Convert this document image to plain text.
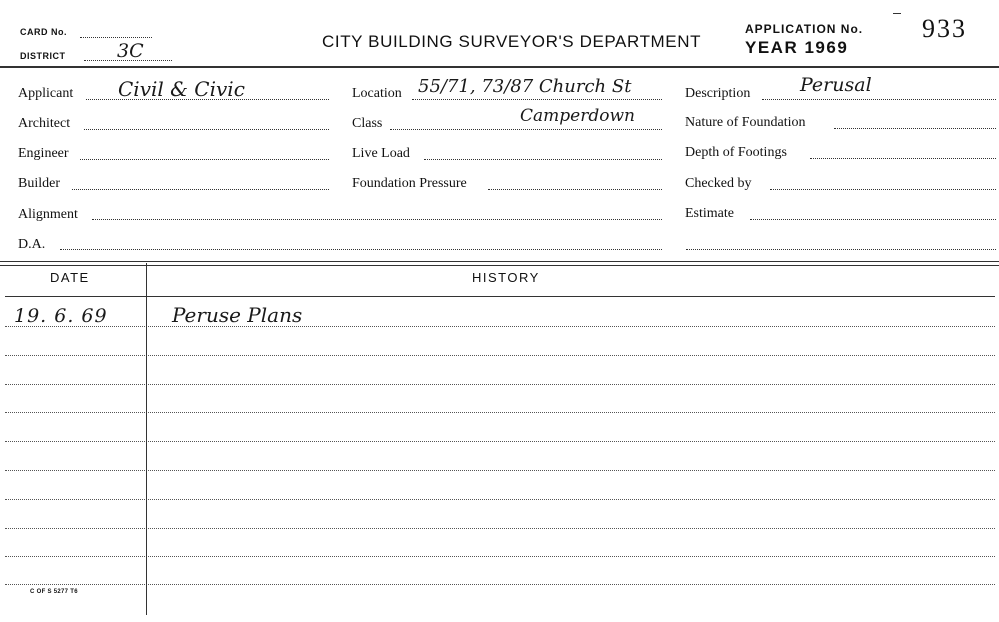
CARD No.
DISTRICT	3C	CITY BUILDING SURVEYOR'S DEPARTMENT
APPLICATION No. 933
YEAR 1969
Applicant Civil & Civic
Architect
Engineer
Builder
Alignment
D.A.
Location 55/71, 73/87 Church St
Class	Camperdown
Live Load
Foundation Pressure
Description	Perusal
Nature of Foundation
Depth of Footings
Checked by
Estimate
DATE	HISTORY
19. 6. 69	Peruse Plans
C OF S 5277 T6
